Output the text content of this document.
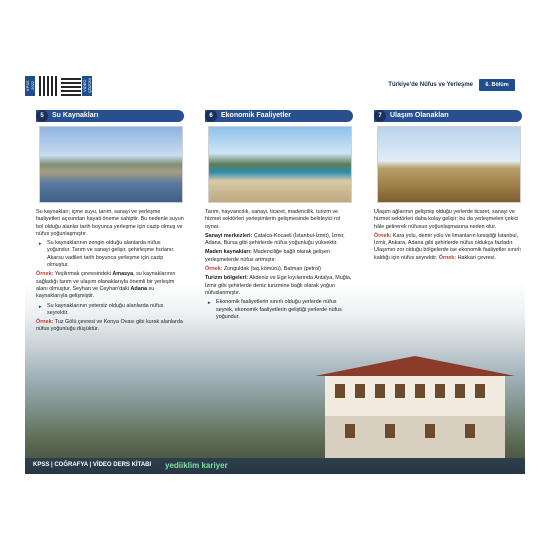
KPSS 2022	VİDEO ÇÖZÜM	Türkiye'de Nüfus ve Yerleşme	6. Bölüm
5	Su Kaynakları

Su kaynakları; içme suyu, tarım, sanayi ve yerleşme faaliyetleri açısından hayati öneme sahiptir. Bu nedenle suyun bol olduğu alanlar tarih boyunca yerleşme için cazip olmuş ve nüfus yoğunlaşmıştır.

► Su kaynaklarının zengin olduğu alanlarda nüfus yoğundur. Tarım ve sanayi gelişir, şehirleşme hızlanır. Akarsu vadileri tarih boyunca yerleşme için cazip olmuştur.

Örnek: Yeşilırmak çevresindeki Amasya, su kaynaklarının sağladığı tarım ve ulaşım olanaklarıyla önemli bir yerleşim alanı olmuştur. Seyhan ve Ceyhan'daki Adana su kaynaklarıyla gelişmiştir.

► Su kaynaklarının yetersiz olduğu alanlarda nüfus seyrektir.

Örnek: Tuz Gölü çevresi ve Konya Ovası gibi kurak alanlarda nüfus yoğunluğu düşüktür.

6	Ekonomik Faaliyetler

Tarım, hayvancılık, sanayi, ticaret, madencilik, turizm ve hizmet sektörleri yerleşimlerin gelişmesinde belirleyici rol oynar.

Sanayi merkezleri: Çatalca-Kocaeli (İstanbul-İzmit), İzmir, Adana, Bursa gibi şehirlerde nüfus yoğunluğu yüksektir.

Maden kaynakları: Madenciliğe bağlı olarak gelişen yerleşmelerde nüfus artmıştır.

Örnek: Zonguldak (taş kömürü), Batman (petrol)

Turizm bölgeleri: Akdeniz ve Ege kıyılarında Antalya, Muğla, İzmir gibi şehirlerde deniz turizmine bağlı olarak yoğun nüfuslanmıştır.

► Ekonomik faaliyetlerin sınırlı olduğu yerlerde nüfus seyrek, ekonomik faaliyetlerin geliştiği yerlerde nüfus yoğundur.

7	Ulaşım Olanakları

Ulaşım ağlarının gelişmiş olduğu yerlerde ticaret, sanayi ve hizmet sektörleri daha kolay gelişir; bu da yerleşmeleri çekici hâle getirerek nüfusun yoğunlaşmasına neden olur.

Örnek: Kara yolu, demir yolu ve limanların kesiştiği İstanbul, İzmir, Ankara, Adana gibi şehirlerde nüfus oldukça fazladır. Ulaşımın zor olduğu bölgelerde ise ekonomik faaliyetler sınırlı kaldığı için nüfus seyrektir. Örnek: Hakkari çevresi.

KPSS | COĞRAFYA | VİDEO DERS KİTABI yediiklim kariyer
